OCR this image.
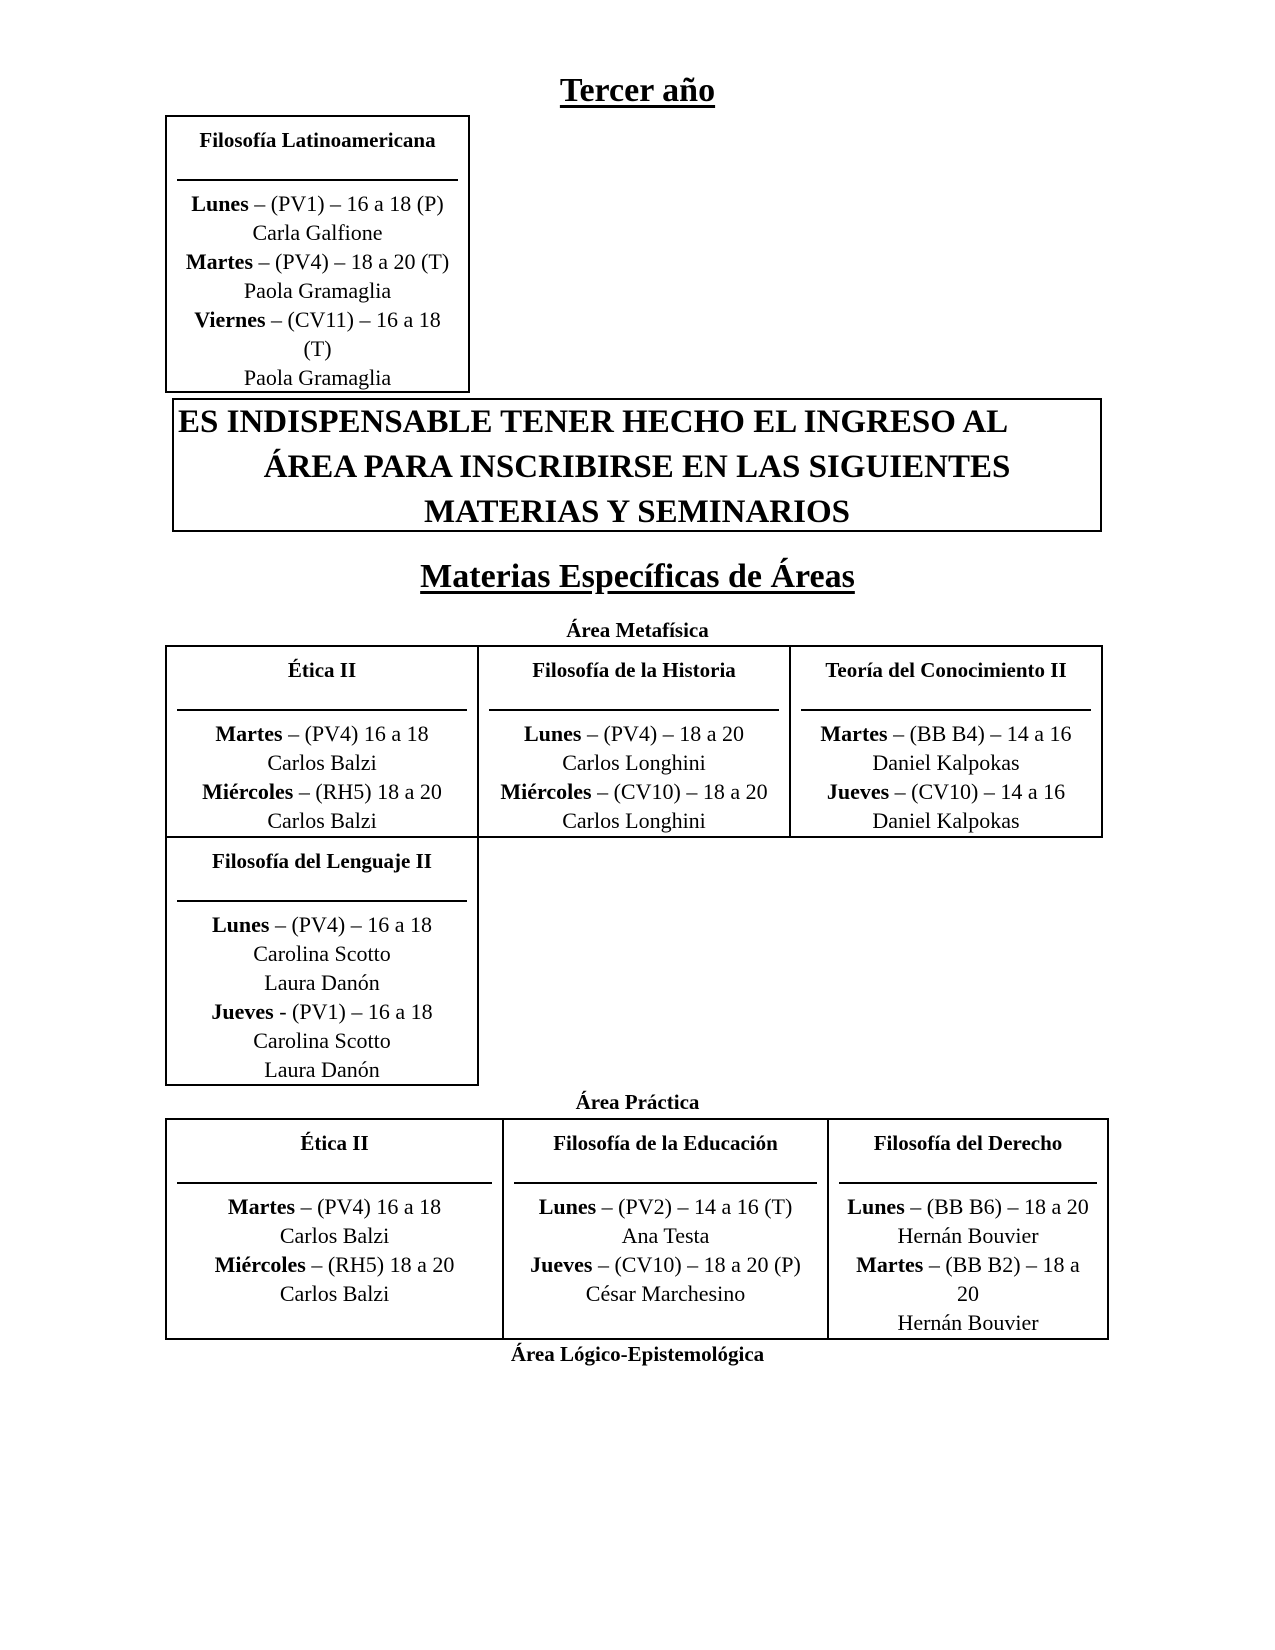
Tercer año
Filosofía Latinoamericana
Lunes – (PV1) – 16 a 18 (P)
Carla Galfione
Martes – (PV4) – 18 a 20 (T)
Paola Gramaglia
Viernes – (CV11) – 16 a 18
(T)
Paola Gramaglia
ES INDISPENSABLE TENER HECHO EL INGRESO AL
ÁREA PARA INSCRIBIRSE EN LAS SIGUIENTES
MATERIAS Y SEMINARIOS
Materias Específicas de Áreas
Área Metafísica
Ética II
Martes – (PV4) 16 a 18
Carlos Balzi
Miércoles – (RH5) 18 a 20
Carlos Balzi
Filosofía de la Historia
Lunes – (PV4) – 18 a 20
Carlos Longhini
Miércoles – (CV10) – 18 a 20
Carlos Longhini
Teoría del Conocimiento II
Martes – (BB B4) – 14 a 16
Daniel Kalpokas
Jueves – (CV10) – 14 a 16
Daniel Kalpokas
Filosofía del Lenguaje II
Lunes – (PV4) – 16 a 18
Carolina Scotto
Laura Danón
Jueves - (PV1) – 16 a 18
Carolina Scotto
Laura Danón
Área Práctica
Ética II
Martes – (PV4) 16 a 18
Carlos Balzi
Miércoles – (RH5) 18 a 20
Carlos Balzi
Filosofía de la Educación
Lunes – (PV2) – 14 a 16 (T)
Ana Testa
Jueves – (CV10) – 18 a 20 (P)
César Marchesino
Filosofía del Derecho
Lunes – (BB B6) – 18 a 20
Hernán Bouvier
Martes – (BB B2) – 18 a
20
Hernán Bouvier
Área Lógico-Epistemológica
